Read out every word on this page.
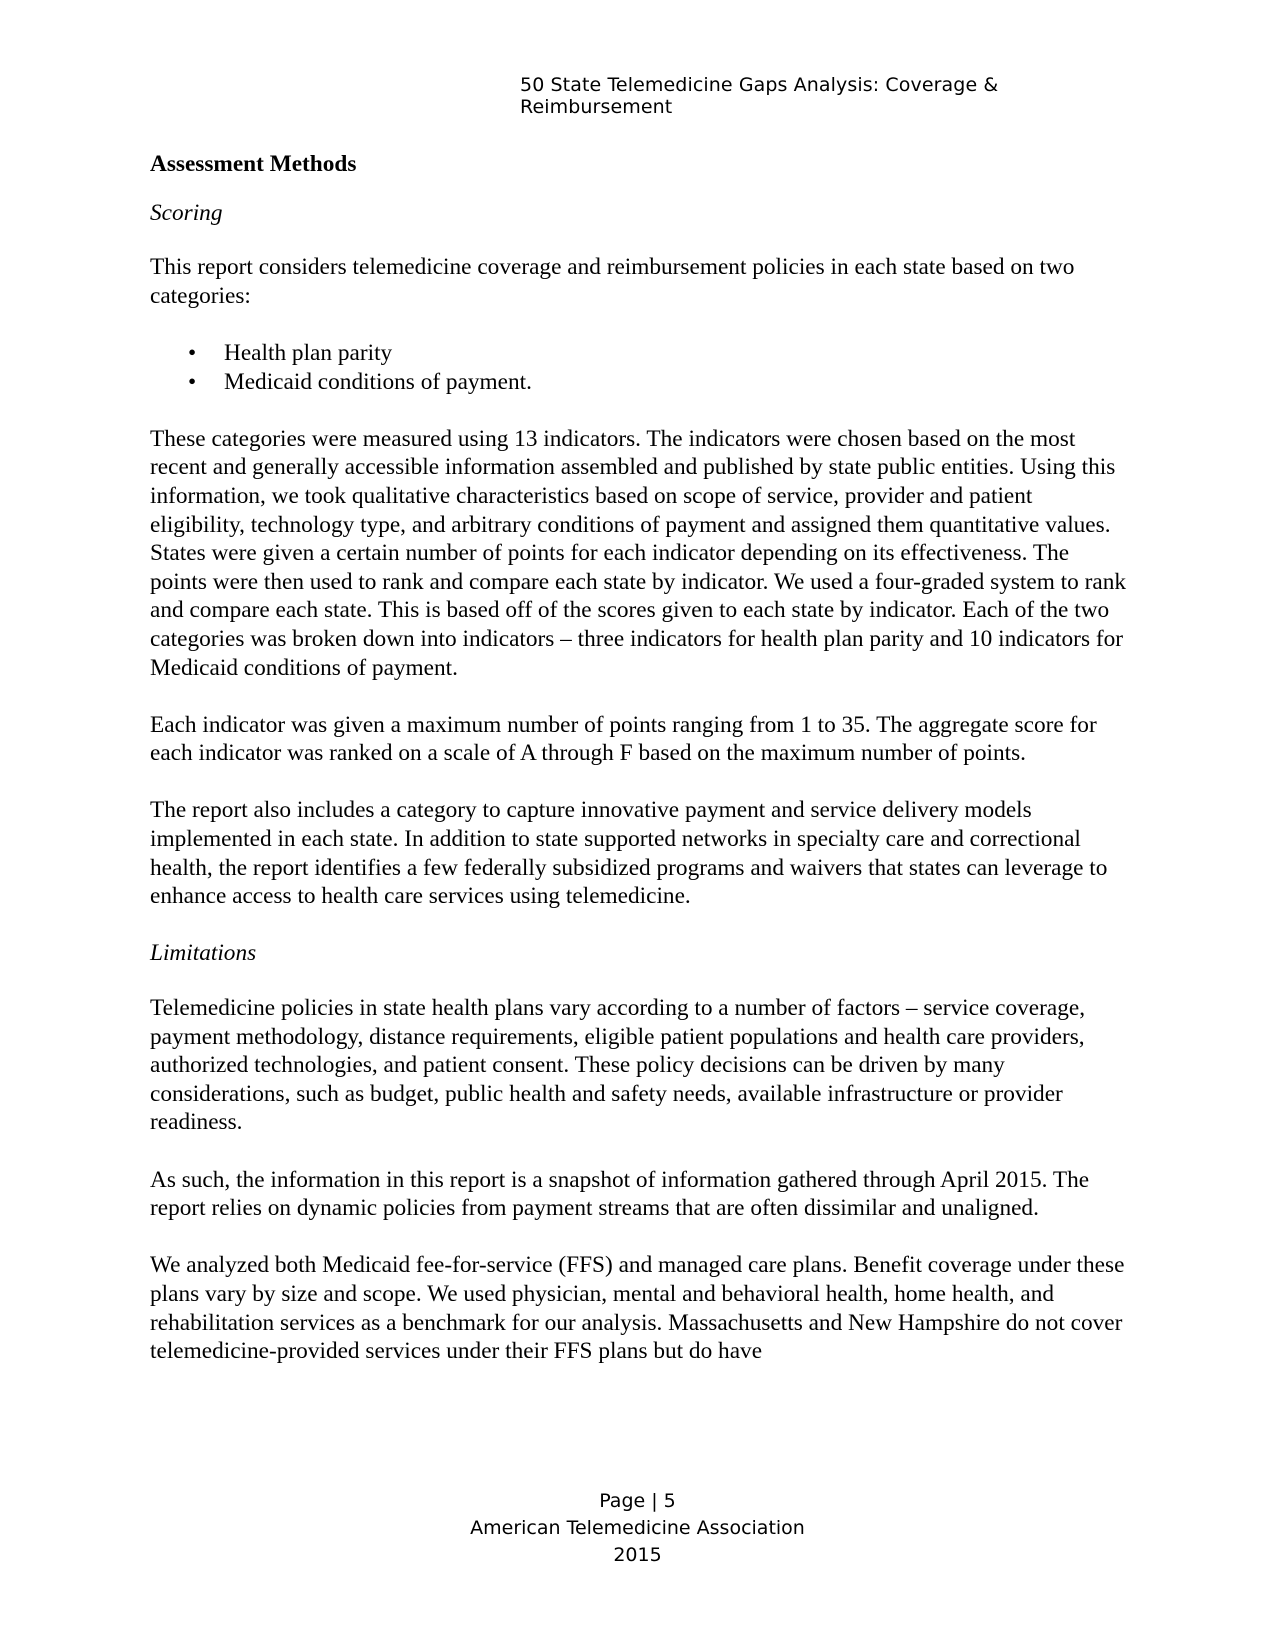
50 State Telemedicine Gaps Analysis: Coverage & Reimbursement

Assessment Methods

Scoring

This report considers telemedicine coverage and reimbursement policies in each state based on two categories:

• Health plan parity
• Medicaid conditions of payment.

These categories were measured using 13 indicators. The indicators were chosen based on the most recent and generally accessible information assembled and published by state public entities. Using this information, we took qualitative characteristics based on scope of service, provider and patient eligibility, technology type, and arbitrary conditions of payment and assigned them quantitative values. States were given a certain number of points for each indicator depending on its effectiveness. The points were then used to rank and compare each state by indicator. We used a four-graded system to rank and compare each state. This is based off of the scores given to each state by indicator. Each of the two categories was broken down into indicators – three indicators for health plan parity and 10 indicators for Medicaid conditions of payment.

Each indicator was given a maximum number of points ranging from 1 to 35. The aggregate score for each indicator was ranked on a scale of A through F based on the maximum number of points.

The report also includes a category to capture innovative payment and service delivery models implemented in each state. In addition to state supported networks in specialty care and correctional health, the report identifies a few federally subsidized programs and waivers that states can leverage to enhance access to health care services using telemedicine.

Limitations

Telemedicine policies in state health plans vary according to a number of factors – service coverage, payment methodology, distance requirements, eligible patient populations and health care providers, authorized technologies, and patient consent. These policy decisions can be driven by many considerations, such as budget, public health and safety needs, available infrastructure or provider readiness.

As such, the information in this report is a snapshot of information gathered through April 2015. The report relies on dynamic policies from payment streams that are often dissimilar and unaligned.

We analyzed both Medicaid fee-for-service (FFS) and managed care plans. Benefit coverage under these plans vary by size and scope. We used physician, mental and behavioral health, home health, and rehabilitation services as a benchmark for our analysis. Massachusetts and New Hampshire do not cover telemedicine-provided services under their FFS plans but do have

Page | 5
American Telemedicine Association
2015
